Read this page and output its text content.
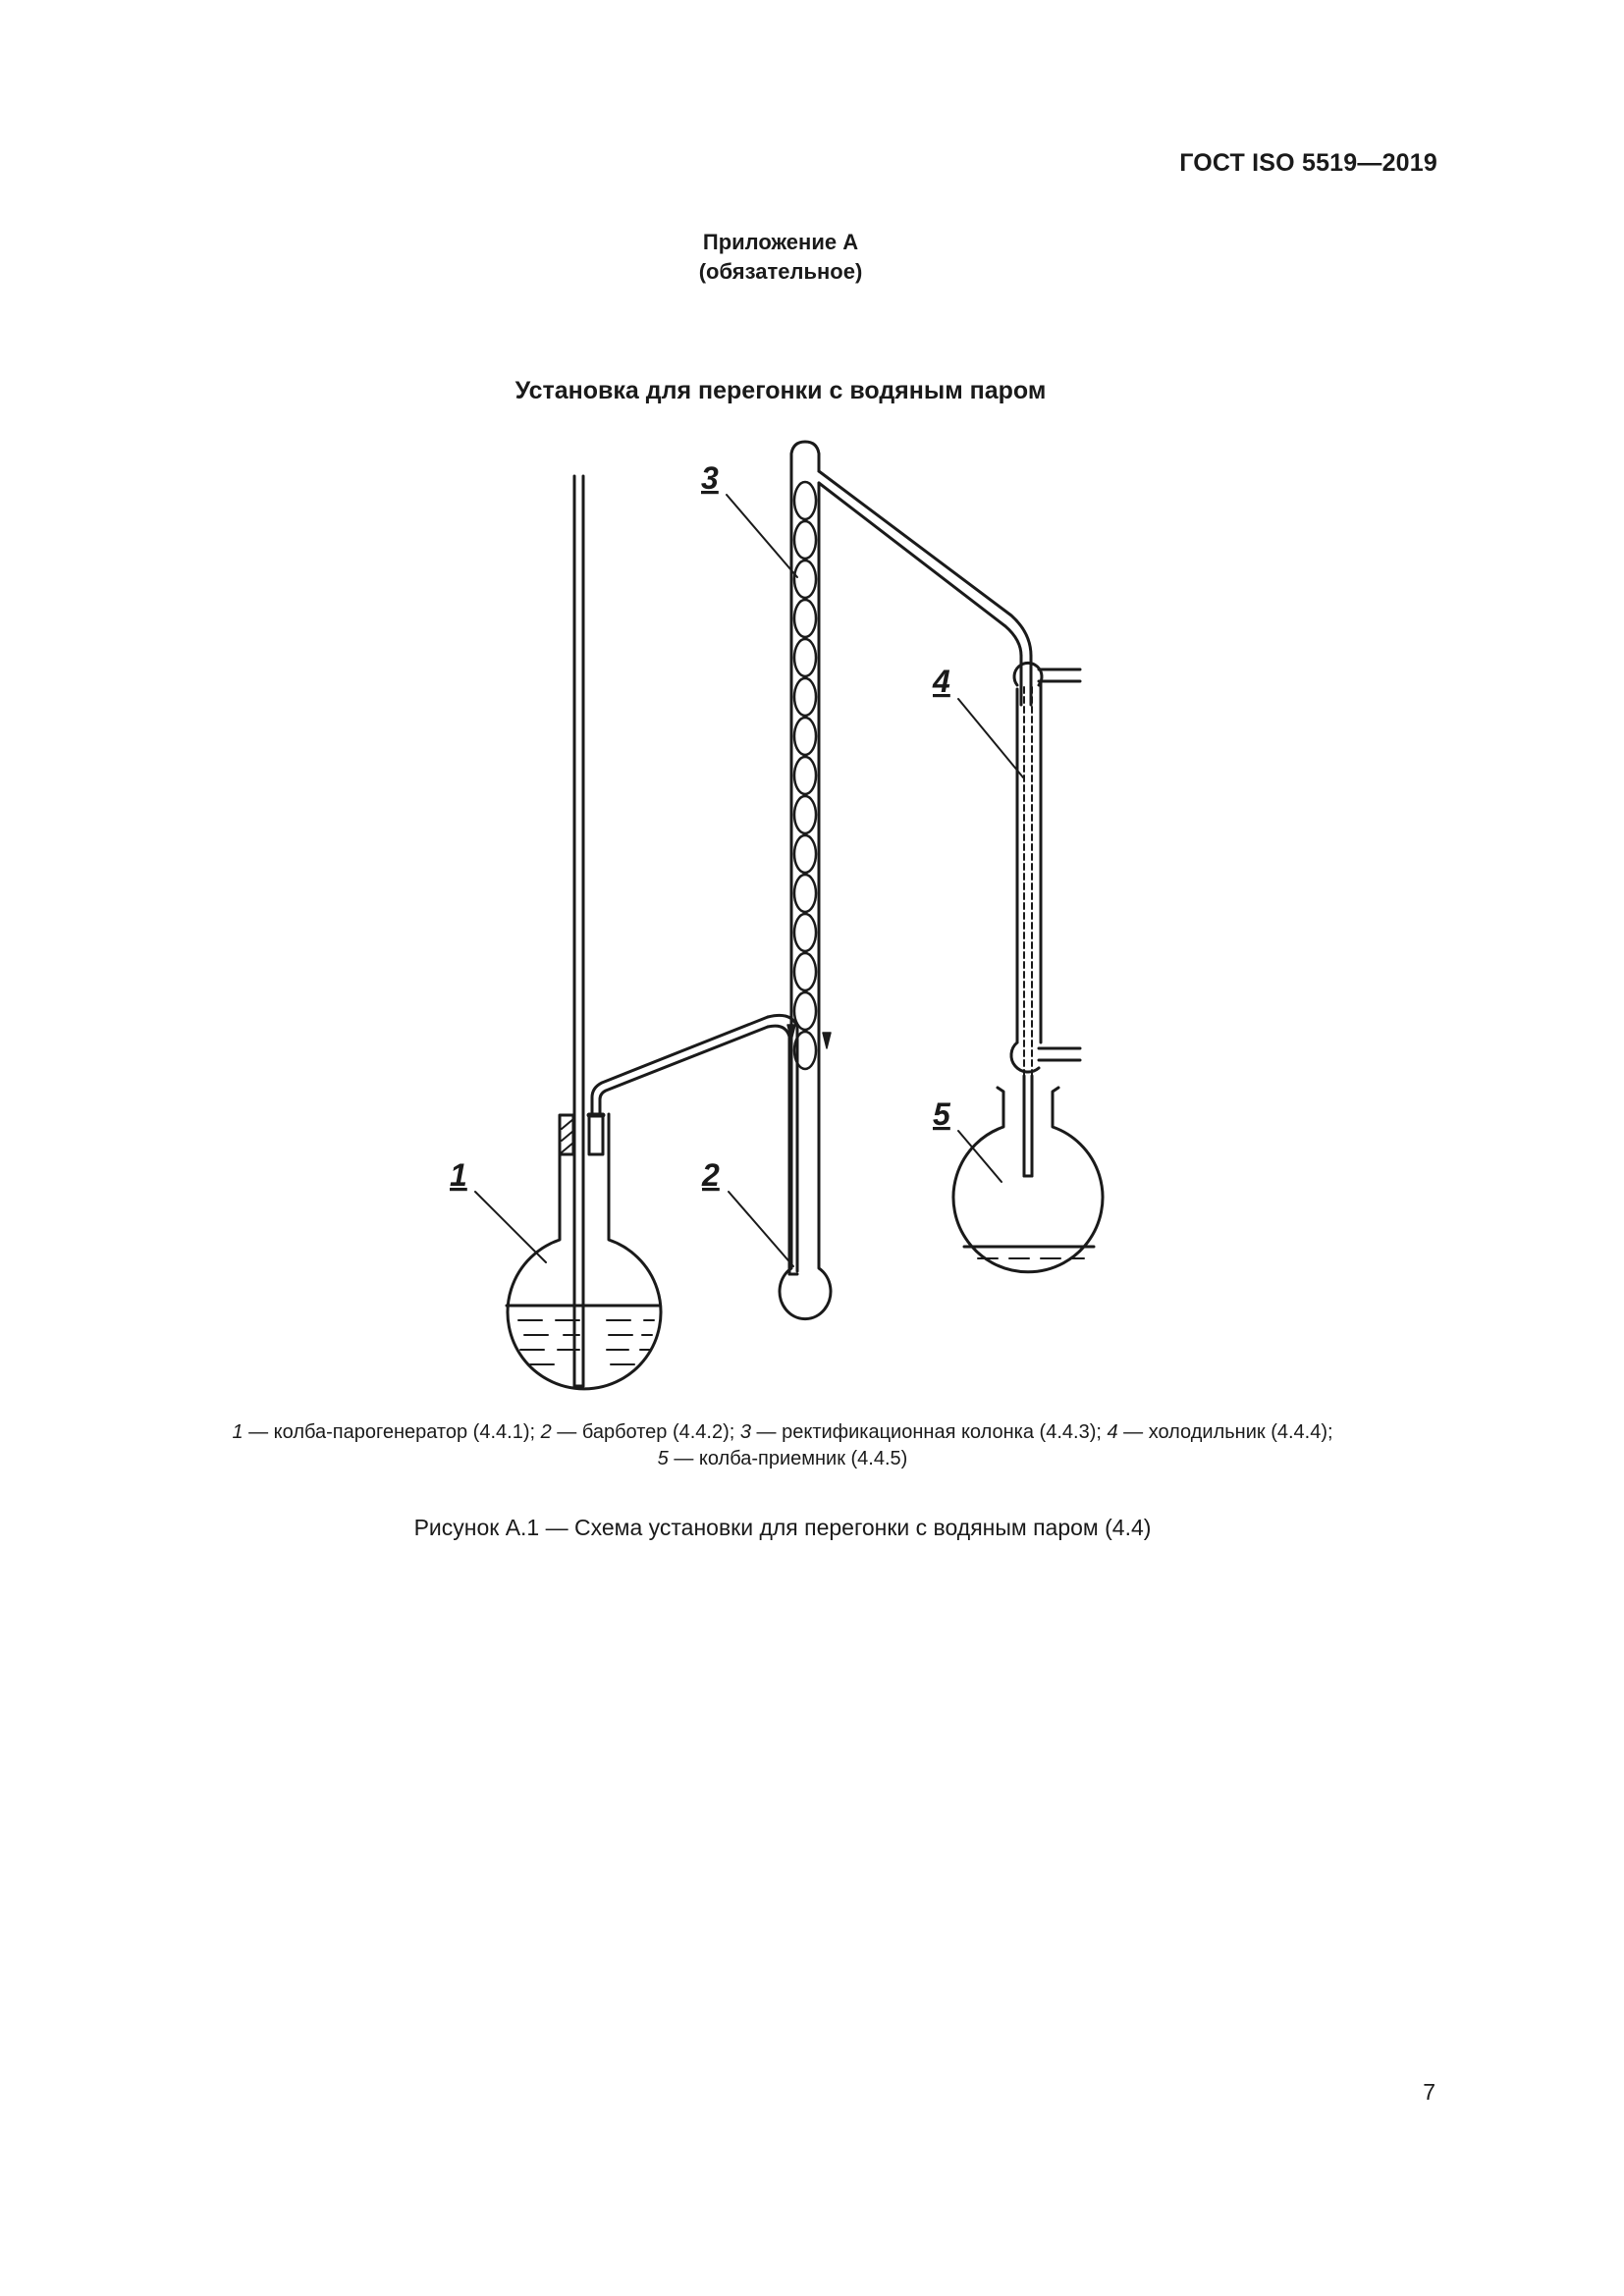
ГОСТ ISO 5519—2019
Приложение А
(обязательное)
Установка для перегонки с водяным паром
1	2
3
4
5
1 — колба-парогенератор (4.4.1); 2 — барботер (4.4.2); 3 — ректификационная колонка (4.4.3); 4 — холодильник (4.4.4);
5 — колба-приемник (4.4.5)
Рисунок А.1 — Схема установки для перегонки с водяным паром (4.4)
7
